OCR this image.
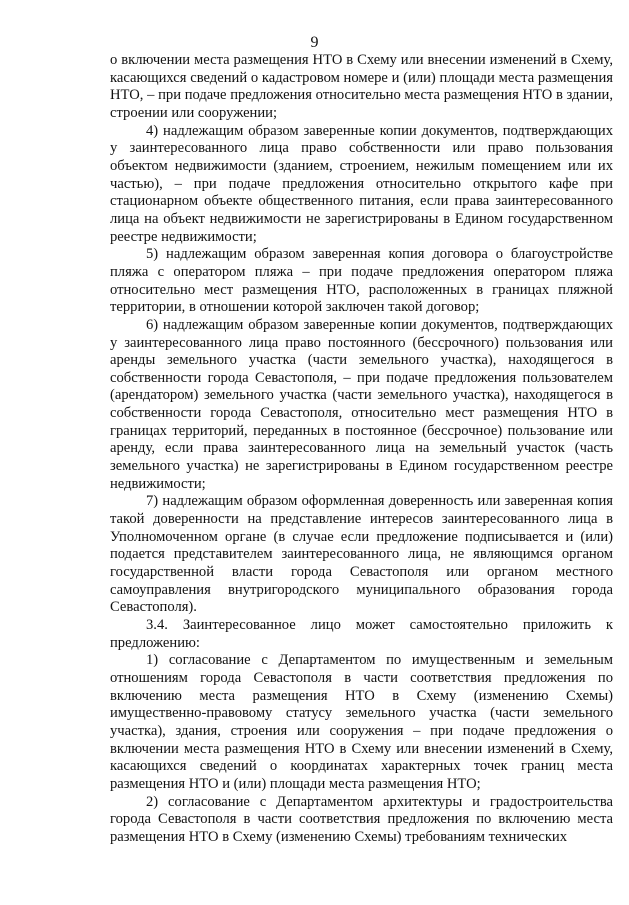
9

о включении места размещения НТО в Схему или внесении изменений в Схему, касающихся сведений о кадастровом номере и (или) площади места размещения НТО, – при подаче предложения относительно места размещения НТО в здании, строении или сооружении;

4) надлежащим образом заверенные копии документов, подтверждающих у заинтересованного лица право собственности или право пользования объектом недвижимости (зданием, строением, нежилым помещением или их частью), – при подаче предложения относительно открытого кафе при стационарном объекте общественного питания, если права заинтересованного лица на объект недвижимости не зарегистрированы в Едином государственном реестре недвижимости;

5) надлежащим образом заверенная копия договора о благоустройстве пляжа с оператором пляжа – при подаче предложения оператором пляжа относительно мест размещения НТО, расположенных в границах пляжной территории, в отношении которой заключен такой договор;

6) надлежащим образом заверенные копии документов, подтверждающих у заинтересованного лица право постоянного (бессрочного) пользования или аренды земельного участка (части земельного участка), находящегося в собственности города Севастополя, – при подаче предложения пользователем (арендатором) земельного участка (части земельного участка), находящегося в собственности города Севастополя, относительно мест размещения НТО в границах территорий, переданных в постоянное (бессрочное) пользование или аренду, если права заинтересованного лица на земельный участок (часть земельного участка) не зарегистрированы в Едином государственном реестре недвижимости;

7) надлежащим образом оформленная доверенность или заверенная копия такой доверенности на представление интересов заинтересованного лица в Уполномоченном органе (в случае если предложение подписывается и (или) подается представителем заинтересованного лица, не являющимся органом государственной власти города Севастополя или органом местного самоуправления внутригородского муниципального образования города Севастополя).

3.4. Заинтересованное лицо может самостоятельно приложить к предложению:

1) согласование с Департаментом по имущественным и земельным отношениям города Севастополя в части соответствия предложения по включению места размещения НТО в Схему (изменению Схемы) имущественно-правовому статусу земельного участка (части земельного участка), здания, строения или сооружения – при подаче предложения о включении места размещения НТО в Схему или внесении изменений в Схему, касающихся сведений о координатах характерных точек границ места размещения НТО и (или) площади места размещения НТО;

2) согласование с Департаментом архитектуры и градостроительства города Севастополя в части соответствия предложения по включению места размещения НТО в Схему (изменению Схемы) требованиям технических
